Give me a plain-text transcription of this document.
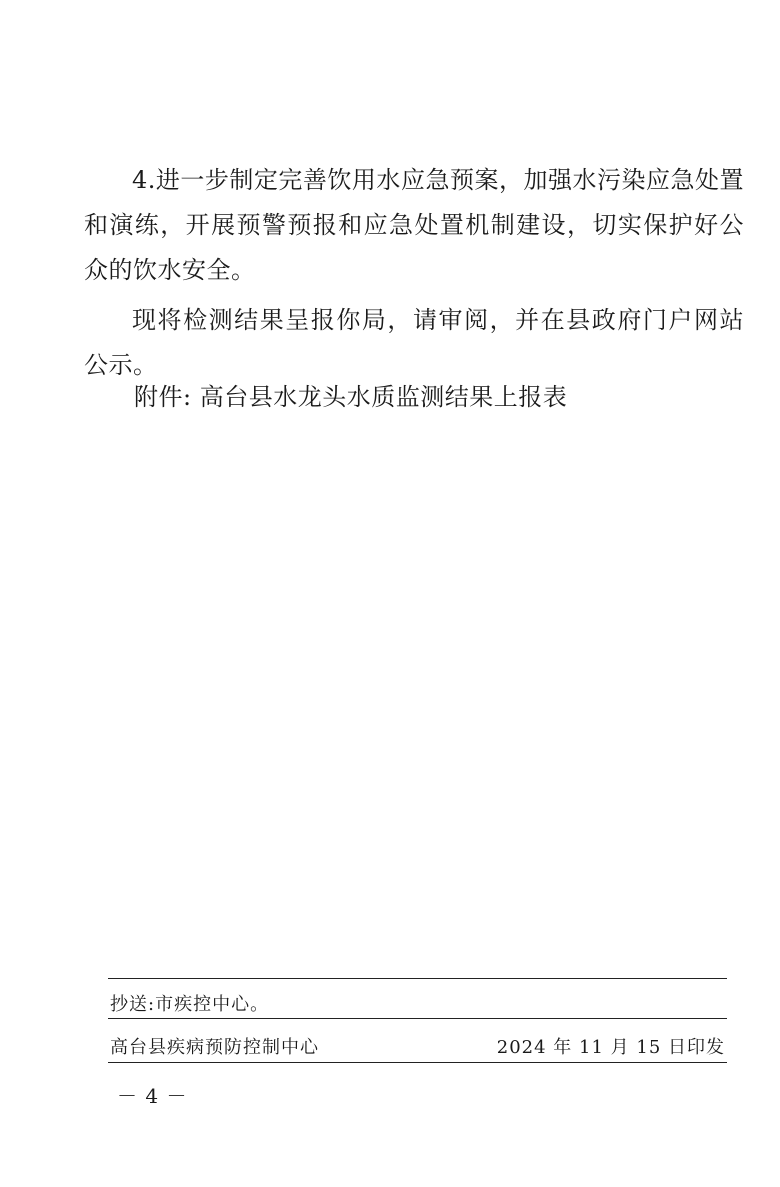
4.进一步制定完善饮用水应急预案，加强水污染应急处置和演练，开展预警预报和应急处置机制建设，切实保护好公众的饮水安全。

现将检测结果呈报你局，请审阅，并在县政府门户网站公示。

附件: 高台县水龙头水质监测结果上报表
抄送:市疾控中心。
高台县疾病预防控制中心	2024 年 11 月 15 日印发
－ 4 －
